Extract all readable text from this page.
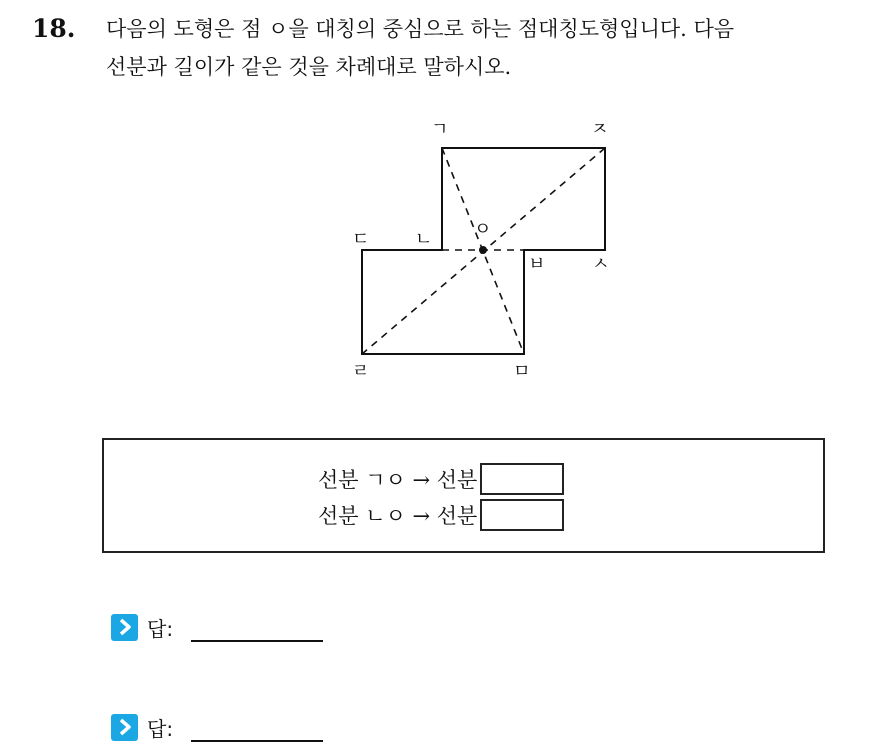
18. 다음의 도형은 점 ㅇ을 대칭의 중심으로 하는 점대칭도형입니다. 다음
선분과 길이가 같은 것을 차례대로 말하시오.
ㄱ	ㅈ
ㄷ	ㄴ ㅇ
ㅂ	ㅅ
ㄹ	ㅁ
선분 ㄱㅇ → 선분
선분 ㄴㅇ → 선분
답:
답:
